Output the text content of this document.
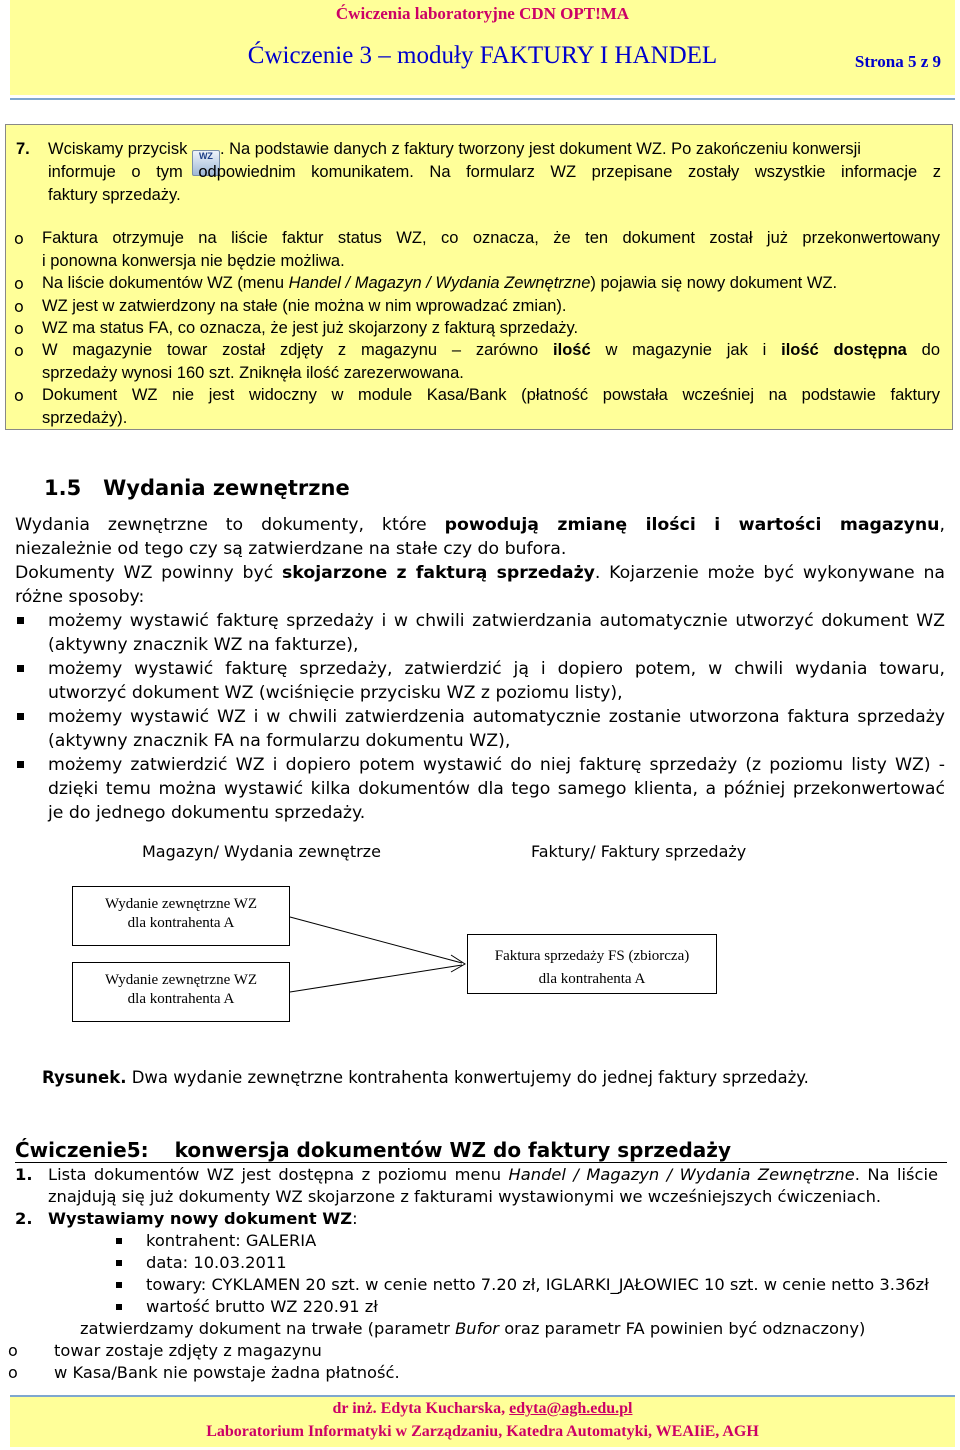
Ćwiczenia laboratoryjne CDN OPT!MA
Ćwiczenie 3 – moduły FAKTURY I HANDEL	Strona 5 z 9
7. Wciskamy przycisk WZ . Na podstawie danych z faktury tworzony jest dokument WZ. Po zakończeniu konwersji
informuje o tym odpowiednim komunikatem. Na formularz WZ przepisane zostały wszystkie informacje z
faktury sprzedaży.
o Faktura otrzymuje na liście faktur status WZ, co oznacza, że ten dokument został już przekonwertowany
i ponowna konwersja nie będzie możliwa.
o Na liście dokumentów WZ (menu Handel / Magazyn / Wydania Zewnętrzne) pojawia się nowy dokument WZ.
o WZ jest w zatwierdzony na stałe (nie można w nim wprowadzać zmian).
o WZ ma status FA, co oznacza, że jest już skojarzony z fakturą sprzedaży.
o W magazynie towar został zdjęty z magazynu – zarówno ilość w magazynie jak i ilość dostępna do
sprzedaży wynosi 160 szt. Zniknęła ilość zarezerwowana.
o Dokument WZ nie jest widoczny w module Kasa/Bank (płatność powstała wcześniej na podstawie faktury
sprzedaży).
1.5 Wydania zewnętrzne
Wydania zewnętrzne to dokumenty, które powodują zmianę ilości i wartości magazynu,
niezależnie od tego czy są zatwierdzane na stałe czy do bufora.
Dokumenty WZ powinny być skojarzone z fakturą sprzedaży. Kojarzenie może być wykonywane na
różne sposoby:
możemy wystawić fakturę sprzedaży i w chwili zatwierdzania automatycznie utworzyć dokument WZ
(aktywny znacznik WZ na fakturze),
możemy wystawić fakturę sprzedaży, zatwierdzić ją i dopiero potem, w chwili wydania towaru,
utworzyć dokument WZ (wciśnięcie przycisku WZ z poziomu listy),
możemy wystawić WZ i w chwili zatwierdzenia automatycznie zostanie utworzona faktura sprzedaży
(aktywny znacznik FA na formularzu dokumentu WZ),
możemy zatwierdzić WZ i dopiero potem wystawić do niej fakturę sprzedaży (z poziomu listy WZ) -
dzięki temu można wystawić kilka dokumentów dla tego samego klienta, a później przekonwertować
je do jednego dokumentu sprzedaży.
Magazyn/ Wydania zewnętrze	Faktury/ Faktury sprzedaży
Wydanie zewnętrzne WZ
dla kontrahenta A
Wydanie zewnętrzne WZ
dla kontrahenta A
Faktura sprzedaży FS (zbiorcza)
dla kontrahenta A
Rysunek. Dwa wydanie zewnętrzne kontrahenta konwertujemy do jednej faktury sprzedaży.
Ćwiczenie5: konwersja dokumentów WZ do faktury sprzedaży
1. Lista dokumentów WZ jest dostępna z poziomu menu Handel / Magazyn / Wydania Zewnętrzne. Na liście
znajdują się już dokumenty WZ skojarzone z fakturami wystawionymi we wcześniejszych ćwiczeniach.
2. Wystawiamy nowy dokument WZ:
kontrahent: GALERIA
data: 10.03.2011
towary: CYKLAMEN 20 szt. w cenie netto 7.20 zł, IGLARKI_JAŁOWIEC 10 szt. w cenie netto 3.36zł
wartość brutto WZ 220.91 zł
zatwierdzamy dokument na trwałe (parametr Bufor oraz parametr FA powinien być odznaczony)
o towar zostaje zdjęty z magazynu
o w Kasa/Bank nie powstaje żadna płatność.
dr inż. Edyta Kucharska, edyta@agh.edu.pl
Laboratorium Informatyki w Zarządzaniu, Katedra Automatyki, WEAIiE, AGH
